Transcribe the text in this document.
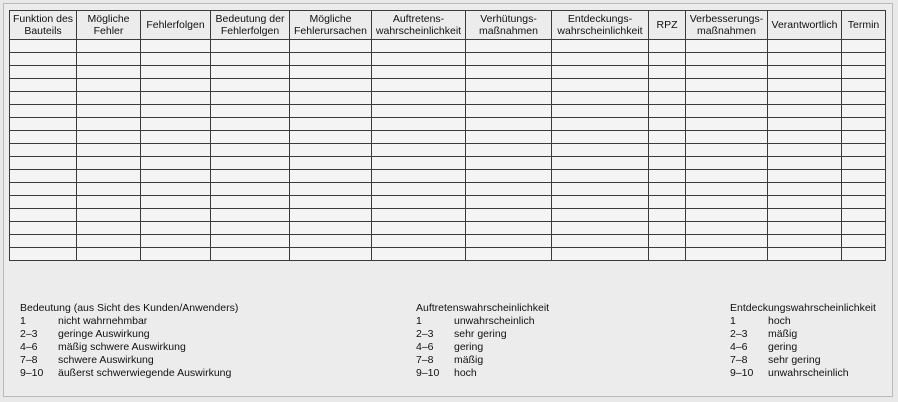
Funktion des Bauteils	Mögliche Fehler	Fehlerfolgen	Bedeutung der Fehlerfolgen	Mögliche Fehlerursachen	Auftretens-wahrscheinlichkeit	Verhütungs-maßnahmen	Entdeckungs-wahrscheinlichkeit	RPZ	Verbesserungs-maßnahmen	Verantwortlich	Termin

Bedeutung (aus Sicht des Kunden/Anwenders)
1	nicht wahrnehmbar
2–3	geringe Auswirkung
4–6	mäßig schwere Auswirkung
7–8	schwere Auswirkung
9–10	äußerst schwerwiegende Auswirkung
Auftretenswahrscheinlichkeit
1	unwahrscheinlich
2–3	sehr gering
4–6	gering
7–8	mäßig
9–10	hoch
Entdeckungswahrscheinlichkeit
1	hoch
2–3	mäßig
4–6	gering
7–8	sehr gering
9–10	unwahrscheinlich
